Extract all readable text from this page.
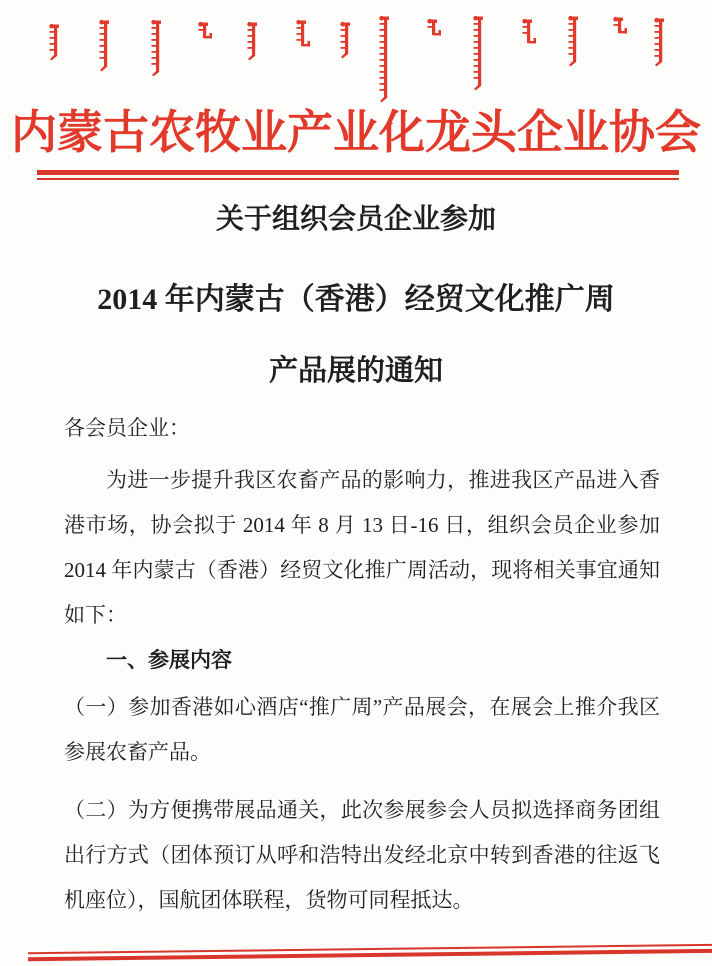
内蒙古农牧业产业化龙头企业协会
关于组织会员企业参加
2014 年内蒙古（香港）经贸文化推广周
产品展的通知

各会员企业：

为进一步提升我区农畜产品的影响力，推进我区产品进入香港市场，协会拟于 2014 年 8 月 13 日-16 日，组织会员企业参加 2014 年内蒙古（香港）经贸文化推广周活动，现将相关事宜通知如下：

一、参展内容

（一）参加香港如心酒店“推广周”产品展会，在展会上推介我区参展农畜产品。

（二）为方便携带展品通关，此次参展参会人员拟选择商务团组出行方式（团体预订从呼和浩特出发经北京中转到香港的往返飞机座位），国航团体联程，货物可同程抵达。
